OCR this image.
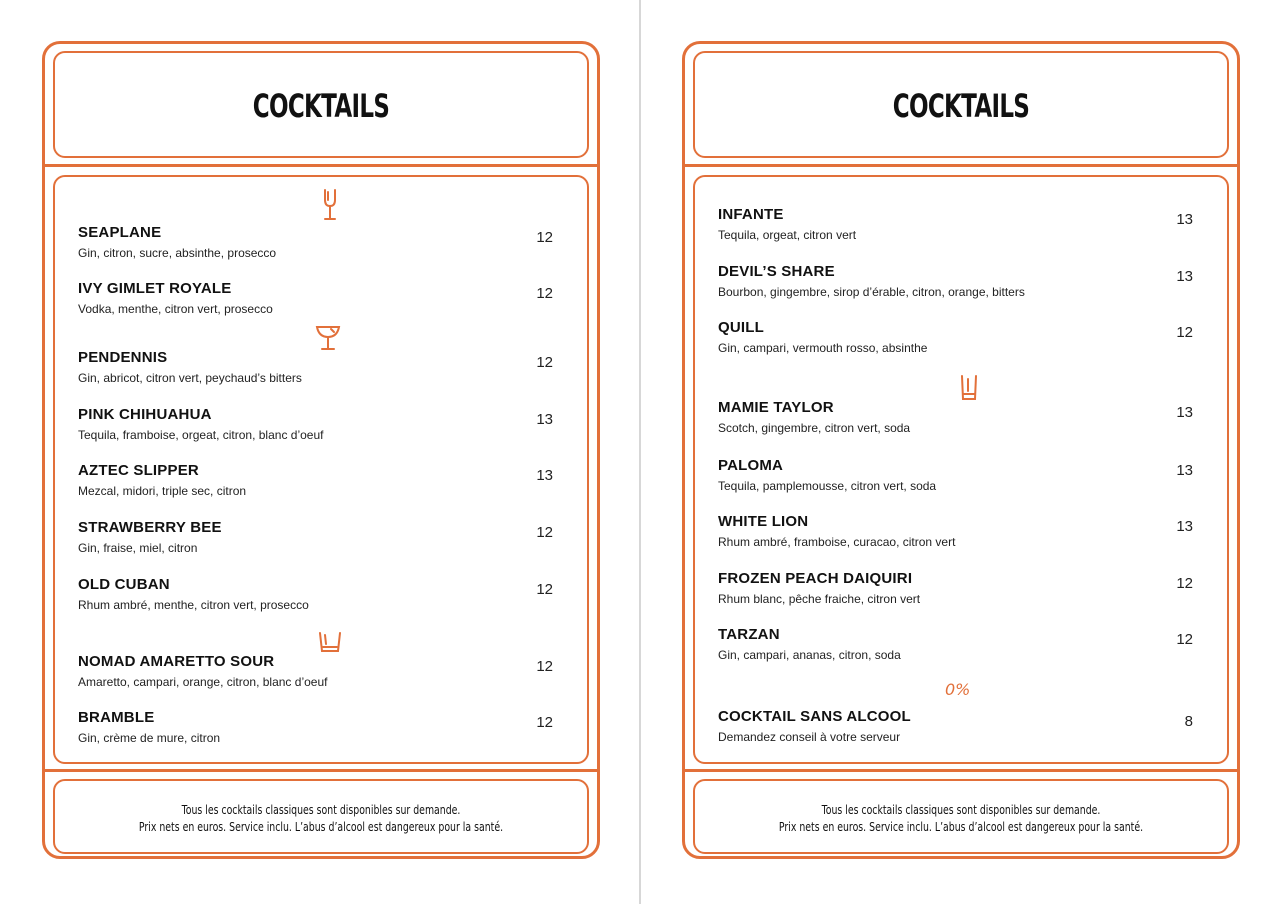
COCKTAILS
SEAPLANE
Gin, citron, sucre, absinthe, prosecco
12
IVY GIMLET ROYALE
Vodka, menthe, citron vert, prosecco
12
PENDENNIS
Gin, abricot, citron vert, peychaud’s bitters
12
PINK CHIHUAHUA
Tequila, framboise, orgeat, citron, blanc d’oeuf
13
AZTEC SLIPPER
Mezcal, midori, triple sec, citron
13
STRAWBERRY BEE
Gin, fraise, miel, citron
12
OLD CUBAN
Rhum ambré, menthe, citron vert, prosecco
12
NOMAD AMARETTO SOUR
Amaretto, campari, orange, citron, blanc d’oeuf
12
BRAMBLE
Gin, crème de mure, citron
12
Tous les cocktails classiques sont disponibles sur demande.
Prix nets en euros. Service inclu. L’abus d’alcool est dangereux pour la santé.
COCKTAILS
INFANTE
Tequila, orgeat, citron vert
13
DEVIL’S SHARE
Bourbon, gingembre, sirop d’érable, citron, orange, bitters
13
QUILL
Gin, campari, vermouth rosso, absinthe
12
MAMIE TAYLOR
Scotch, gingembre, citron vert, soda
13
PALOMA
Tequila, pamplemousse, citron vert, soda
13
WHITE LION
Rhum ambré, framboise, curacao, citron vert
13
FROZEN PEACH DAIQUIRI
Rhum blanc, pêche fraiche, citron vert
12
TARZAN
Gin, campari, ananas, citron, soda
12
0%
COCKTAIL SANS ALCOOL
Demandez conseil à votre serveur
8
Tous les cocktails classiques sont disponibles sur demande.
Prix nets en euros. Service inclu. L’abus d’alcool est dangereux pour la santé.
